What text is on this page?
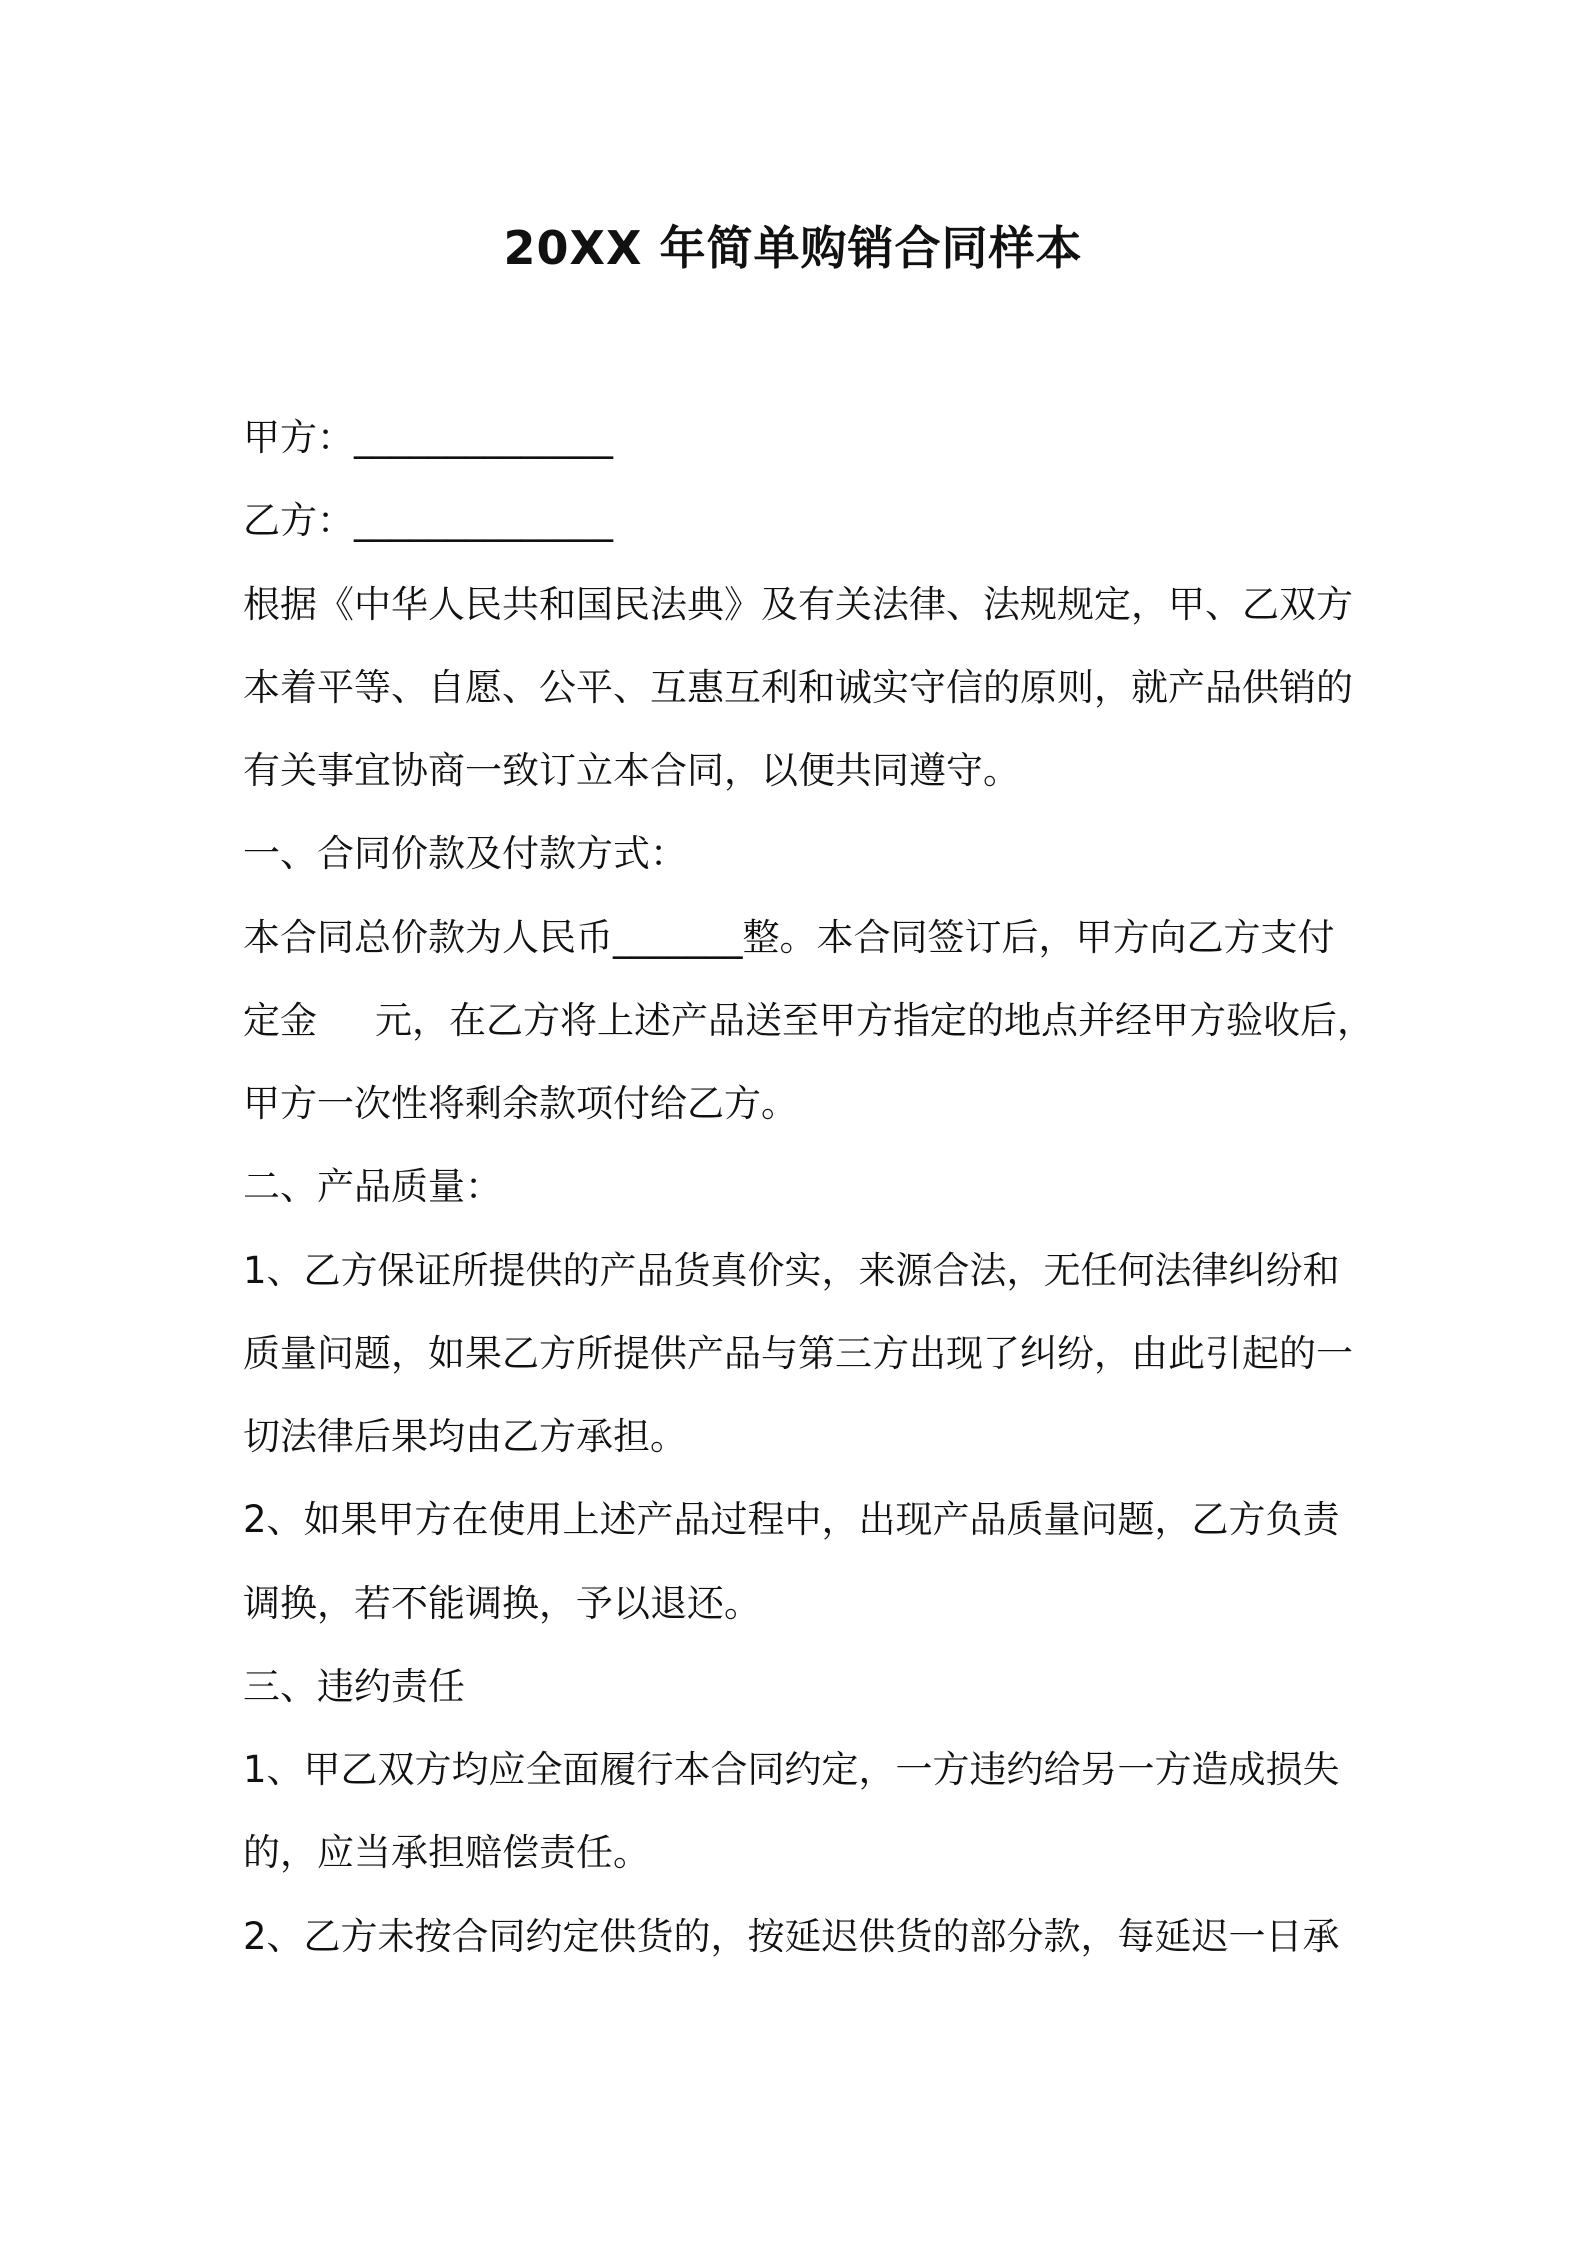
20XX 年简单购销合同样本
甲方：______________
乙方：______________
根据《中华人民共和国民法典》及有关法律、法规规定，甲、乙双方
本着平等、自愿、公平、互惠互利和诚实守信的原则，就产品供销的
有关事宜协商一致订立本合同，以便共同遵守。
一、合同价款及付款方式：
本合同总价款为人民币_______整。本合同签订后，甲方向乙方支付
定金 元，在乙方将上述产品送至甲方指定的地点并经甲方验收后，
甲方一次性将剩余款项付给乙方。
二、产品质量：
1、乙方保证所提供的产品货真价实，来源合法，无任何法律纠纷和
质量问题，如果乙方所提供产品与第三方出现了纠纷，由此引起的一
切法律后果均由乙方承担。
2、如果甲方在使用上述产品过程中，出现产品质量问题，乙方负责
调换，若不能调换，予以退还。
三、违约责任
1、甲乙双方均应全面履行本合同约定，一方违约给另一方造成损失
的，应当承担赔偿责任。
2、乙方未按合同约定供货的，按延迟供货的部分款，每延迟一日承
